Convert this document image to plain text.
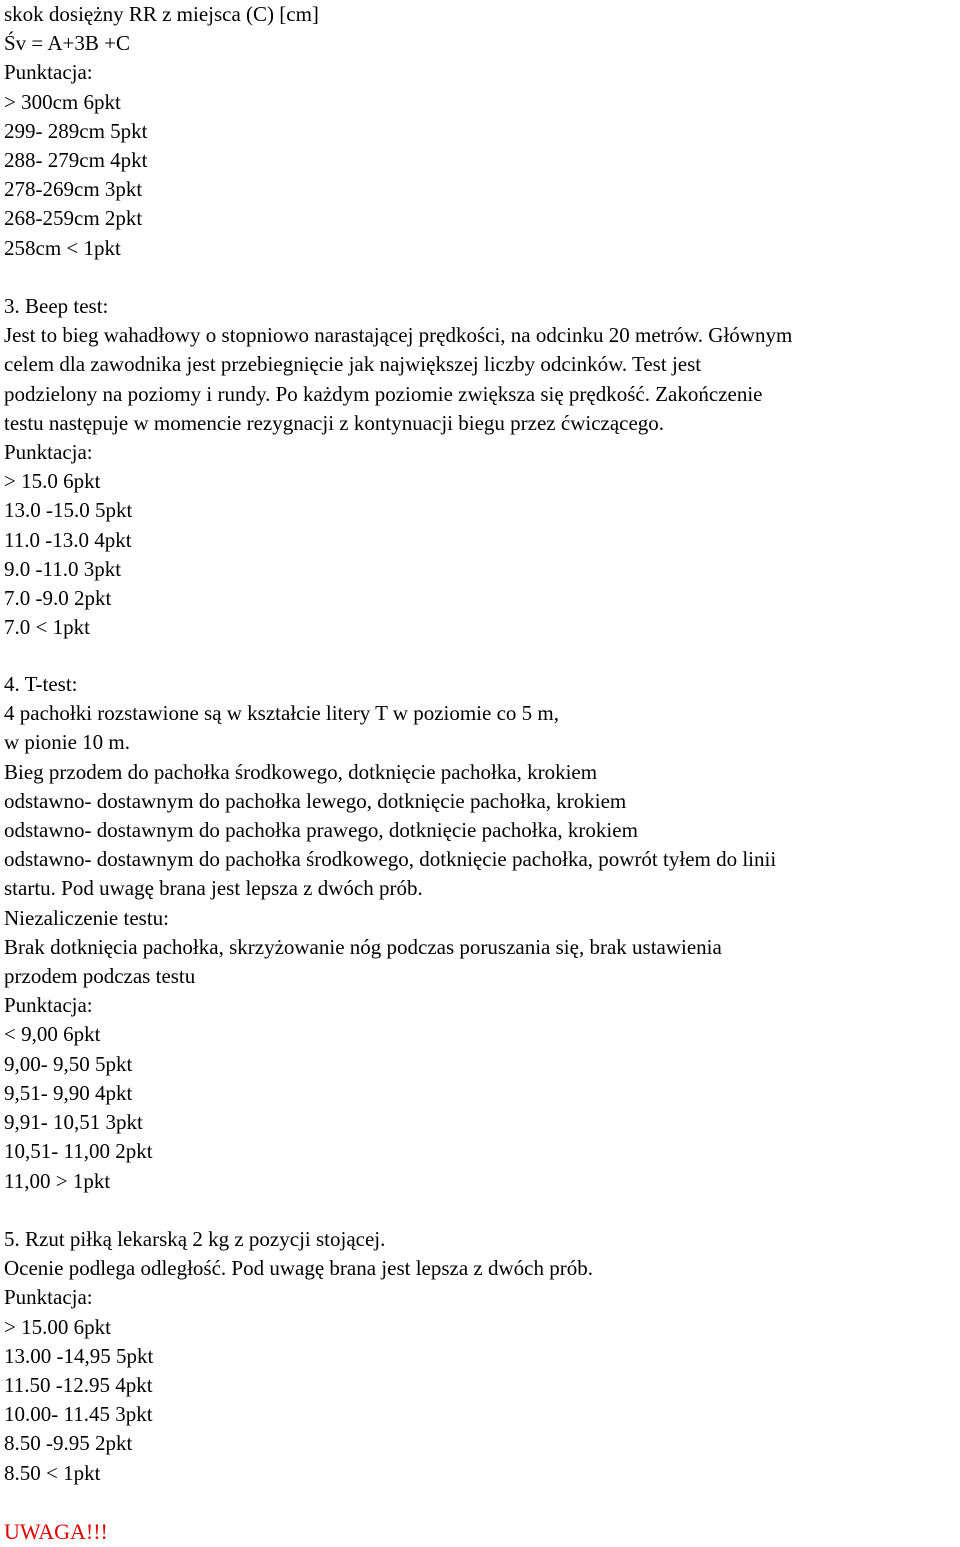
skok dosiężny RR z miejsca (C) [cm]
Śv = A+3B +C
Punktacja:
> 300cm 6pkt
299- 289cm 5pkt
288- 279cm 4pkt
278-269cm 3pkt
268-259cm 2pkt
258cm < 1pkt
3. Beep test:
Jest to bieg wahadłowy o stopniowo narastającej prędkości, na odcinku 20 metrów. Głównym
celem dla zawodnika jest przebiegnięcie jak największej liczby odcinków. Test jest
podzielony na poziomy i rundy. Po każdym poziomie zwiększa się prędkość. Zakończenie
testu następuje w momencie rezygnacji z kontynuacji biegu przez ćwiczącego.
Punktacja:
> 15.0 6pkt
13.0 -15.0 5pkt
11.0 -13.0 4pkt
9.0 -11.0 3pkt
7.0 -9.0 2pkt
7.0 < 1pkt
4. T-test:
4 pachołki rozstawione są w kształcie litery T w poziomie co 5 m,
w pionie 10 m.
Bieg przodem do pachołka środkowego, dotknięcie pachołka, krokiem
odstawno- dostawnym do pachołka lewego, dotknięcie pachołka, krokiem
odstawno- dostawnym do pachołka prawego, dotknięcie pachołka, krokiem
odstawno- dostawnym do pachołka środkowego, dotknięcie pachołka, powrót tyłem do linii
startu. Pod uwagę brana jest lepsza z dwóch prób.
Niezaliczenie testu:
Brak dotknięcia pachołka, skrzyżowanie nóg podczas poruszania się, brak ustawienia
przodem podczas testu
Punktacja:
< 9,00 6pkt
9,00- 9,50 5pkt
9,51- 9,90 4pkt
9,91- 10,51 3pkt
10,51- 11,00 2pkt
11,00 > 1pkt
5. Rzut piłką lekarską 2 kg z pozycji stojącej.
Ocenie podlega odległość. Pod uwagę brana jest lepsza z dwóch prób.
Punktacja:
> 15.00 6pkt
13.00 -14,95 5pkt
11.50 -12.95 4pkt
10.00- 11.45 3pkt
8.50 -9.95 2pkt
8.50 < 1pkt
UWAGA!!!
